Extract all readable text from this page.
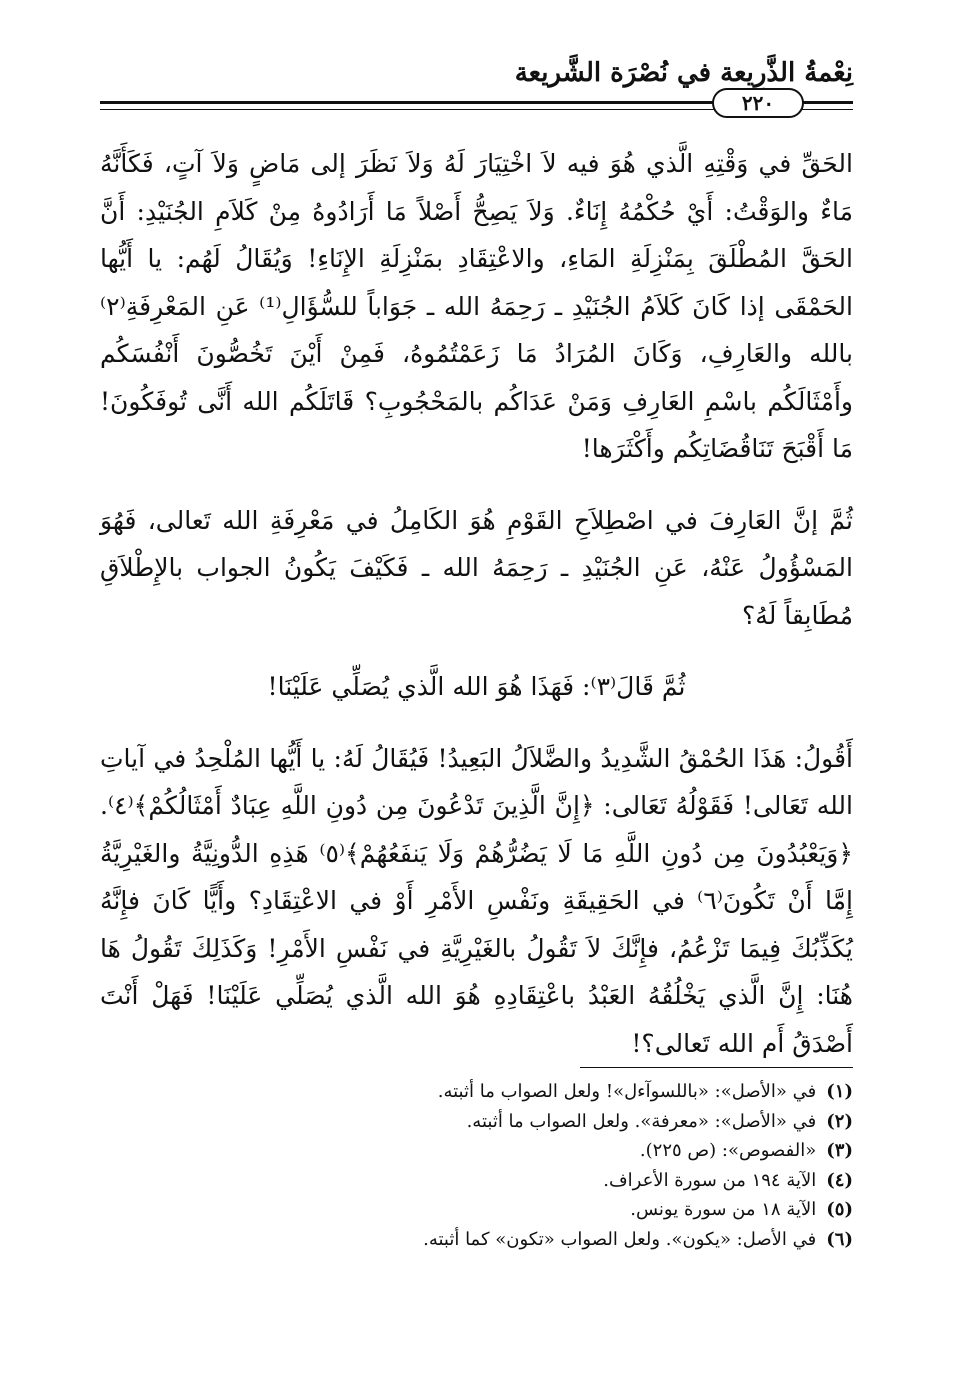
نِعْمةُ الذَّرِيعة في نُصْرَة الشَّريعة
٢٢٠

الحَقِّ في وَقْتِهِ الَّذي هُوَ فيه لاَ اخْتِيَارَ لَهُ وَلاَ نَظَرَ إلى مَاضٍ وَلاَ آتٍ، فَكَأَنَّهُ مَاءٌ والوَقْتُ: أَيْ حُكْمُهُ إِنَاءٌ. وَلاَ يَصِحُّ أَصْلاً مَا أَرَادُوهُ مِنْ كَلاَمِ الجُنَيْدِ: أَنَّ الحَقَّ المُطْلَقَ بِمَنْزِلَةِ المَاءِ، والاعْتِقَادِ بمَنْزِلَةِ الإِنَاءِ! وَيُقَالُ لَهُم: يا أَيُّها الحَمْقَى إذا كَانَ كَلاَمُ الجُنَيْدِ ـ رَحِمَهُ الله ـ جَوَاباً للسُّؤَالِ⁽¹⁾ عَنِ المَعْرِفَةِ⁽٢⁾ بالله والعَارِفِ، وَكَانَ المُرَادُ مَا زَعَمْتُمُوهُ، فَمِنْ أَيْنَ تَخُصُّونَ أَنْفُسَكُم وأَمْثَالَكُم باسْمِ العَارِفِ وَمَنْ عَدَاكُم بالمَحْجُوبِ؟ قَاتَلَكُم الله أَنَّى تُوفَكُونَ! مَا أَقْبَحَ تَنَاقُضَاتِكُم وأَكْثَرَها!

ثُمَّ إنَّ العَارِفَ في اصْطِلاَحِ القَوْمِ هُوَ الكَامِلُ في مَعْرِفَةِ الله تَعالى، فَهُوَ المَسْؤُولُ عَنْهُ، عَنِ الجُنَيْدِ ـ رَحِمَهُ الله ـ فَكَيْفَ يَكُونُ الجواب بالإِطْلاَقِ مُطَابِقاً لَهُ؟

ثُمَّ قَالَ⁽٣⁾: فَهَذَا هُوَ الله الَّذي يُصَلِّي عَلَيْنَا!

أَقُولُ: هَذَا الحُمْقُ الشَّدِيدُ والضَّلاَلُ البَعِيدُ! فَيُقَالُ لَهُ: يا أَيُّها المُلْحِدُ في آياتِ الله تَعَالى! فَقَوْلُهُ تَعَالى: ﴿إِنَّ الَّذِينَ تَدْعُونَ مِن دُونِ اللَّهِ عِبَادٌ أَمْثَالُكُمْ﴾⁽٤⁾. ﴿وَيَعْبُدُونَ مِن دُونِ اللَّهِ مَا لَا يَضُرُّهُمْ وَلَا يَنفَعُهُمْ﴾⁽٥⁾ هَذِهِ الدُّونِيَّةُ والغَيْرِيَّةُ إِمَّا أَنْ تَكُونَ⁽٦⁾ في الحَقِيقَةِ ونَفْسِ الأَمْرِ أَوْ في الاعْتِقَادِ؟ وأَيًّا كَانَ فإِنَّهُ يُكَذِّبُكَ فِيمَا تَزْعُمُ، فإِنَّكَ لاَ تَقُولُ بالغَيْرِيَّةِ في نَفْسِ الأَمْرِ! وَكَذَلِكَ تَقُولُ هَا هُنَا: إِنَّ الَّذي يَخْلُقُهُ العَبْدُ باعْتِقَادِهِ هُوَ الله الَّذي يُصَلِّي عَلَيْنَا! فَهَلْ أَنْتَ أَصْدَقُ أَم الله تَعالى؟!

(١)في «الأصل»: «باللسوآءل»! ولعل الصواب ما أثبته.
(٢)في «الأصل»: «معرفة». ولعل الصواب ما أثبته.
(٣)«الفصوص»: (ص ٢٢٥).
(٤)الآية ١٩٤ من سورة الأعراف.
(٥)الآية ١٨ من سورة يونس.
(٦)في الأصل: «يكون». ولعل الصواب «تكون» كما أثبته.
